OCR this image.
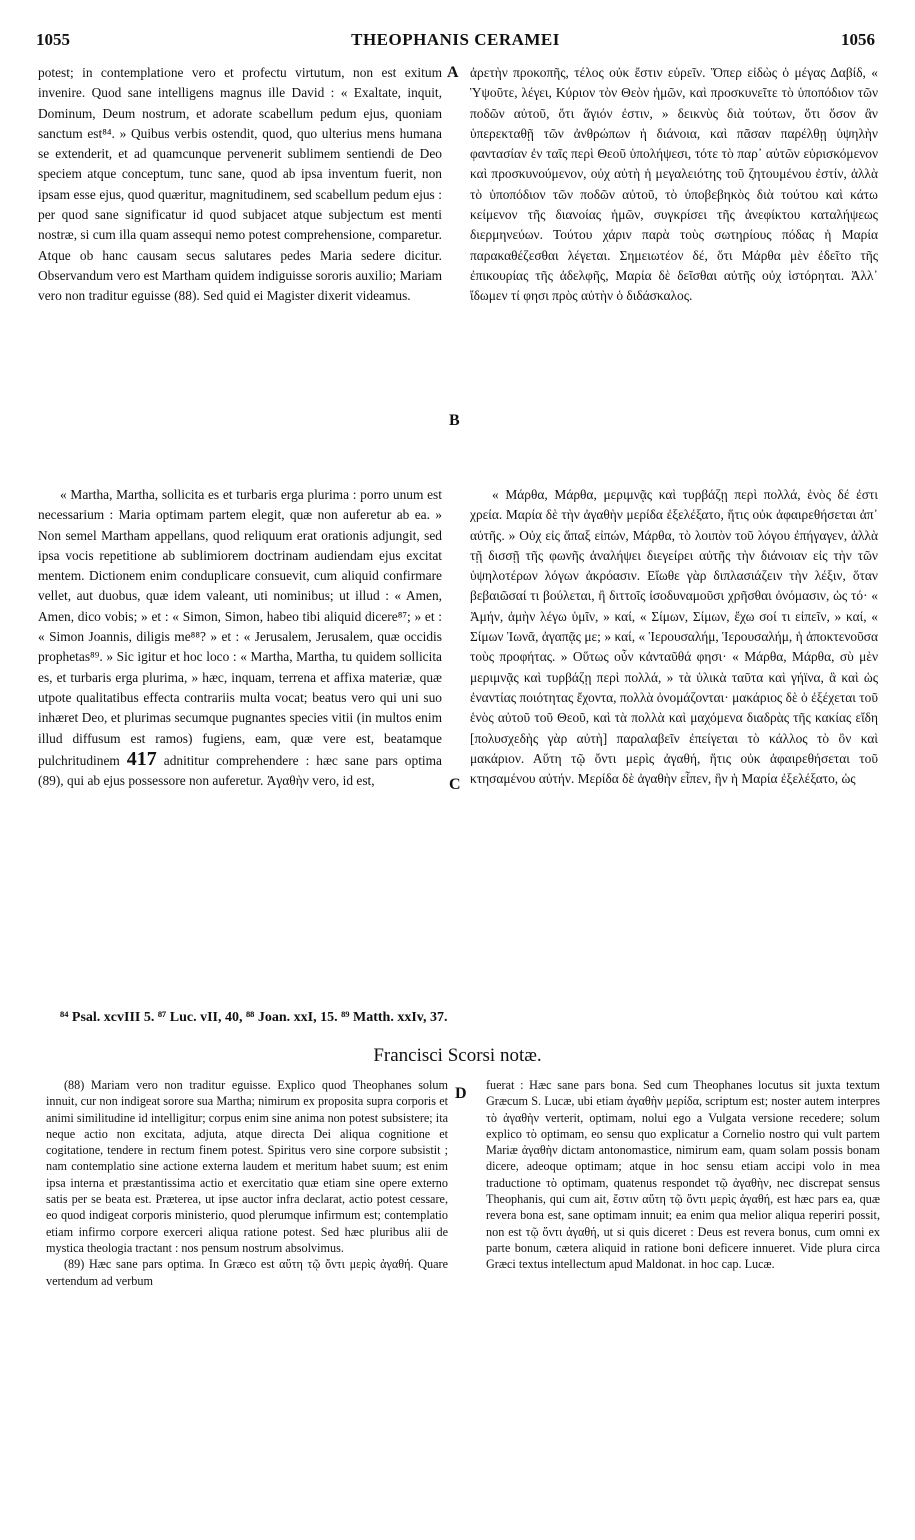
1055	THEOPHANIS CERAMEI	1056
A
B
C
D

potest; in contemplatione vero et profectu virtutum, non est exitum invenire. Quod sane intelligens magnus ille David : « Exaltate, inquit, Dominum, Deum nostrum, et adorate scabellum pedum ejus, quoniam sanctum est⁸⁴. » Quibus verbis ostendit, quod, quo ulterius mens humana se extenderit, et ad quamcunque pervenerit sublimem sentiendi de Deo speciem atque conceptum, tunc sane, quod ab ipsa inventum fuerit, non ipsam esse ejus, quod quæritur, magnitudinem, sed scabellum pedum ejus : per quod sane significatur id quod subjacet atque subjectum est menti nostræ, si cum illa quam assequi nemo potest comprehensione, comparetur. Atque ob hanc causam secus salutares pedes Maria sedere dicitur. Observandum vero est Martham quidem indiguisse sororis auxilio; Mariam vero non traditur eguisse (88). Sed quid ei Magister dixerit videamus.

ἀρετὴν προκοπῆς, τέλος οὐκ ἔστιν εὑρεῖν. Ὅπερ εἰδὼς ὁ μέγας Δαβίδ, « Ὑψοῦτε, λέγει, Κύριον τὸν Θεὸν ἡμῶν, καὶ προσκυνεῖτε τὸ ὑποπόδιον τῶν ποδῶν αὐτοῦ, ὅτι ἅγιόν ἐστιν, » δεικνὺς διὰ τούτων, ὅτι ὅσον ἂν ὑπερεκταθῇ τῶν ἀνθρώπων ἡ διάνοια, καὶ πᾶσαν παρέλθῃ ὑψηλὴν φαντασίαν ἐν ταῖς περὶ Θεοῦ ὑπολήψεσι, τότε τὸ παρ᾿ αὐτῶν εὑρισκόμενον καὶ προσκυνούμενον, οὐχ αὐτὴ ἡ μεγαλειότης τοῦ ζητουμένου ἐστίν, ἀλλὰ τὸ ὑποπόδιον τῶν ποδῶν αὐτοῦ, τὸ ὑποβεβηκὸς διὰ τούτου καὶ κάτω κείμενον τῆς διανοίας ἡμῶν, συγκρίσει τῆς ἀνεφίκτου καταλήψεως διερμηνεύων. Τούτου χάριν παρὰ τοὺς σωτηρίους πόδας ἡ Μαρία παρακαθέζεσθαι λέγεται. Σημειωτέον δέ, ὅτι Μάρθα μὲν ἐδεῖτο τῆς ἐπικουρίας τῆς ἀδελφῆς, Μαρία δὲ δεῖσθαι αὐτῆς οὐχ ἱστόρηται. Ἀλλ᾿ ἴδωμεν τί φησι πρὸς αὐτὴν ὁ διδάσκαλος.

« Martha, Martha, sollicita es et turbaris erga plurima : porro unum est necessarium : Maria optimam partem elegit, quæ non auferetur ab ea. » Non semel Martham appellans, quod reliquum erat orationis adjungit, sed ipsa vocis repetitione ab sublimiorem doctrinam audiendam ejus excitat mentem. Dictionem enim conduplicare consuevit, cum aliquid confirmare vellet, aut duobus, quæ idem valeant, uti nominibus; ut illud : « Amen, Amen, dico vobis; » et : « Simon, Simon, habeo tibi aliquid dicere⁸⁷; » et : « Simon Joannis, diligis me⁸⁸? » et : « Jerusalem, Jerusalem, quæ occidis prophetas⁸⁹. » Sic igitur et hoc loco : « Martha, Martha, tu quidem sollicita es, et turbaris erga plurima, » hæc, inquam, terrena et affixa materiæ, quæ utpote qualitatibus effecta contrariis multa vocat; beatus vero qui uni suo inhæret Deo, et plurimas secumque pugnantes species vitii (in multos enim illud diffusum est ramos) fugiens, eam, quæ vere est, beatamque pulchritudinem 417 adnititur comprehendere : hæc sane pars optima (89), qui ab ejus possessore non auferetur. Ἀγαθὴν vero, id est,

« Μάρθα, Μάρθα, μεριμνᾷς καὶ τυρβάζῃ περὶ πολλά, ἑνὸς δέ ἐστι χρεία. Μαρία δὲ τὴν ἀγαθὴν μερίδα ἐξελέξατο, ἥτις οὐκ ἀφαιρεθήσεται ἀπ᾿ αὐτῆς. » Οὐχ εἰς ἅπαξ εἰπών, Μάρθα, τὸ λοιπὸν τοῦ λόγου ἐπήγαγεν, ἀλλὰ τῇ δισσῇ τῆς φωνῆς ἀναλήψει διεγείρει αὐτῆς τὴν διάνοιαν εἰς τὴν τῶν ὑψηλοτέρων λόγων ἀκρόασιν. Εἴωθε γὰρ διπλασιάζειν τὴν λέξιν, ὅταν βεβαιῶσαί τι βούλεται, ἢ διττοῖς ἰσοδυναμοῦσι χρῆσθαι ὀνόμασιν, ὡς τό· « Ἀμήν, ἀμὴν λέγω ὑμῖν, » καί, « Σίμων, Σίμων, ἔχω σοί τι εἰπεῖν, » καί, « Σίμων Ἰωνᾶ, ἀγαπᾷς με; » καί, « Ἱερουσαλήμ, Ἱερουσαλήμ, ἡ ἀποκτενοῦσα τοὺς προφήτας. » Οὕτως οὖν κἀνταῦθά φησι· « Μάρθα, Μάρθα, σὺ μὲν μεριμνᾷς καὶ τυρβάζῃ περὶ πολλά, » τὰ ὑλικὰ ταῦτα καὶ γήϊνα, ἃ καὶ ὡς ἐναντίας ποιότητας ἔχοντα, πολλὰ ὀνομάζονται· μακάριος δὲ ὁ ἐξέχεται τοῦ ἑνὸς αὐτοῦ τοῦ Θεοῦ, καὶ τὰ πολλὰ καὶ μαχόμενα διαδρὰς τῆς κακίας εἴδη [πολυσχεδὴς γὰρ αὐτὴ] παραλαβεῖν ἐπείγεται τὸ κάλλος τὸ ὂν καὶ μακάριον. Αὕτη τῷ ὄντι μερὶς ἀγαθή, ἥτις οὐκ ἀφαιρεθήσεται τοῦ κτησαμένου αὐτήν. Μερίδα δὲ ἀγαθὴν εἶπεν, ἣν ἡ Μαρία ἐξελέξατο, ὡς

⁸⁴ Psal. xcvIII 5. ⁸⁷ Luc. vII, 40, ⁸⁸ Joan. xxI, 15. ⁸⁹ Matth. xxIv, 37.
Francisci Scorsi notæ.

(88) Mariam vero non traditur eguisse. Explico quod Theophanes solum innuit, cur non indigeat sorore sua Martha; nimirum ex proposita supra corporis et animi similitudine id intelligitur; corpus enim sine anima non potest subsistere; ita neque actio non excitata, adjuta, atque directa Dei aliqua cognitione et cogitatione, tendere in rectum finem potest. Spiritus vero sine corpore subsistit ; nam contemplatio sine actione externa laudem et meritum habet suum; est enim ipsa interna et præstantissima actio et exercitatio quæ etiam sine opere externo satis per se beata est. Præterea, ut ipse auctor infra declarat, actio potest cessare, eo quod indigeat corporis ministerio, quod plerumque infirmum est; contemplatio etiam infirmo corpore exerceri aliqua ratione potest. Sed hæc pluribus alii de mystica theologia tractant : nos pensum nostrum absolvimus.

(89) Hæc sane pars optima. In Græco est αὕτη τῷ ὄντι μερὶς ἀγαθή. Quare vertendum ad verbum

fuerat : Hæc sane pars bona. Sed cum Theophanes locutus sit juxta textum Græcum S. Lucæ, ubi etiam ἀγαθὴν μερίδα, scriptum est; noster autem interpres τὸ ἀγαθὴν verterit, optimam, nolui ego a Vulgata versione recedere; solum explico τὸ optimam, eo sensu quo explicatur a Cornelio nostro qui vult partem Mariæ ἀγαθὴν dictam antonomastice, nimirum eam, quam solam possis bonam dicere, adeoque optimam; atque in hoc sensu etiam accipi volo in mea traductione τὸ optimam, quatenus respondet τῷ ἀγαθὴν, nec discrepat sensus Theophanis, qui cum ait, ἔστιν αὕτη τῷ ὄντι μερὶς ἀγαθή, est hæc pars ea, quæ revera bona est, sane optimam innuit; ea enim qua melior aliqua reperiri possit, non est τῷ ὄντι ἀγαθή, ut si quis diceret : Deus est revera bonus, cum omni ex parte bonum, cætera aliquid in ratione boni deficere innueret. Vide plura circa Græci textus intellectum apud Maldonat. in hoc cap. Lucæ.
